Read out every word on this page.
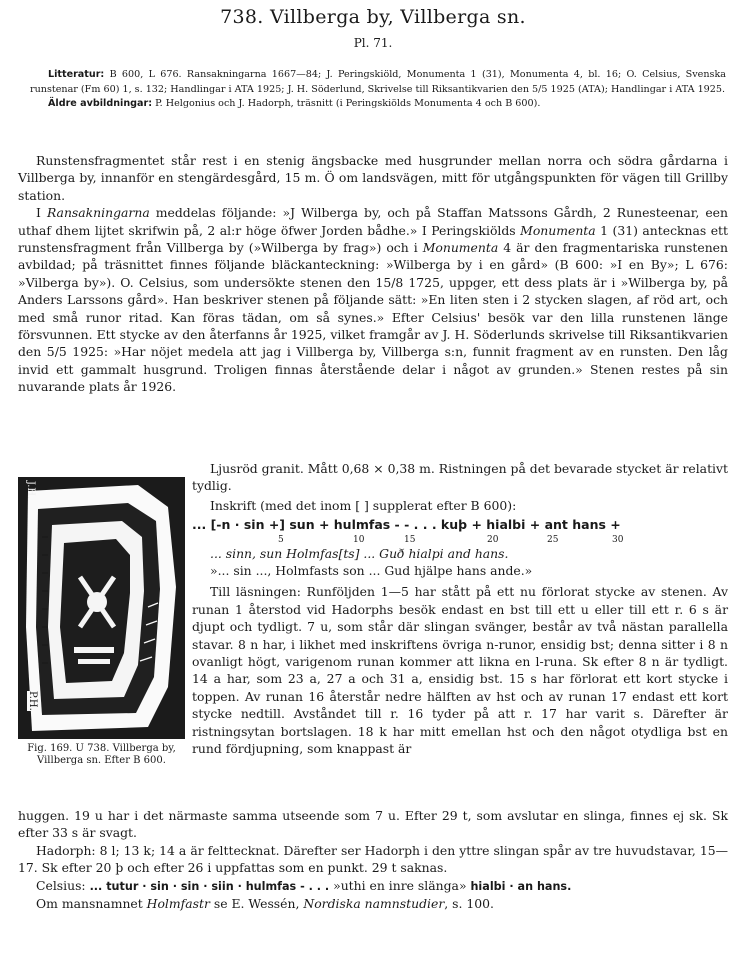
738. Villberga by, Villberga sn.
Pl. 71.

Litteratur: B 600, L 676. Ransakningarna 1667—84; J. Peringskiöld, Monumenta 1 (31), Monumenta 4, bl. 16; O. Celsius, Svenska runstenar (Fm 60) 1, s. 132; Handlingar i ATA 1925; J. H. Söderlund, Skrivelse till Riksantikvarien den 5/5 1925 (ATA); Handlingar i ATA 1925.

Äldre avbildningar: P. Helgonius och J. Hadorph, träsnitt (i Peringskiölds Monumenta 4 och B 600).

Runstensfragmentet står rest i en stenig ängsbacke med husgrunder mellan norra och södra gårdarna i Villberga by, innanför en stengärdesgård, 15 m. Ö om landsvägen, mitt för utgångspunkten för vägen till Grillby station.

I Ransakningarna meddelas följande: »J Wilberga by, och på Staffan Matssons Gårdh, 2 Runesteenar, een uthaf dhem lijtet skrifwin på, 2 al:r höge öfwer Jorden bådhe.» I Peringskiölds Monumenta 1 (31) antecknas ett runstensfragment från Villberga by (»Wilberga by frag») och i Monumenta 4 är den fragmentariska runstenen avbildad; på träsnittet finnes följande bläckanteckning: »Wilberga by i en gård» (B 600: »I en By»; L 676: »Vilberga by»). O. Celsius, som undersökte stenen den 15/8 1725, uppger, ett dess plats är i »Wilberga by, på Anders Larssons gård». Han beskriver stenen på följande sätt: »En liten sten i 2 stycken slagen, af röd art, och med små runor ritad. Kan föras tädan, om så synes.» Efter Celsius' besök var den lilla runstenen länge försvunnen. Ett stycke av den återfanns år 1925, vilket framgår av J. H. Söderlunds skrivelse till Riksantikvarien den 5/5 1925: »Har nöjet medela att jag i Villberga by, Villberga s:n, funnit fragment av en runsten. Den låg invid ett gammalt husgrund. Troligen finnas återstående delar i något av grunden.» Stenen restes på sin nuvarande plats år 1926.

J.H.
P.H.
Fig. 169. U 738. Villberga by, Villberga sn. Efter B 600.

Ljusröd granit. Mått 0,68 × 0,38 m. Ristningen på det bevarade stycket är relativt tydlig.

Inskrift (med det inom [ ] supplerat efter B 600):

... [-n · sin +] sun + hulmfas - - . . . kuþ + hialbi + ant hans +
5	10	15	20	25	30

... sinn, sun Holmfas[ts] ... Guð hialpi and hans.

»... sin ..., Holmfasts son ... Gud hjälpe hans ande.»

Till läsningen: Runföljden 1—5 har stått på ett nu förlorat stycke av stenen. Av runan 1 återstod vid Hadorphs besök endast en bst till ett u eller till ett r. 6 s är djupt och tydligt. 7 u, som står där slingan svänger, består av två nästan parallella stavar. 8 n har, i likhet med inskriftens övriga n-runor, ensidig bst; denna sitter i 8 n ovanligt högt, varigenom runan kommer att likna en l-runa. Sk efter 8 n är tydligt. 14 a har, som 23 a, 27 a och 31 a, ensidig bst. 15 s har förlorat ett kort stycke i toppen. Av runan 16 återstår nedre hälften av hst och av runan 17 endast ett kort stycke nedtill. Avståndet till r. 16 tyder på att r. 17 har varit s. Därefter är ristningsytan bortslagen. 18 k har mitt emellan hst och den något otydliga bst en rund fördjupning, som knappast är

huggen. 19 u har i det närmaste samma utseende som 7 u. Efter 29 t, som avslutar en slinga, finnes ej sk. Sk efter 33 s är svagt.

Hadorph: 8 l; 13 k; 14 a är felttecknat. Därefter ser Hadorph i den yttre slingan spår av tre huvudstavar, 15—17. Sk efter 20 þ och efter 26 i uppfattas som en punkt. 29 t saknas.

Celsius: ... tutur · sin · sin · siin · hulmfas - . . . »uthi en inre slänga» hialbi · an hans.

Om mansnamnet Holmfastr se E. Wessén, Nordiska namnstudier, s. 100.
